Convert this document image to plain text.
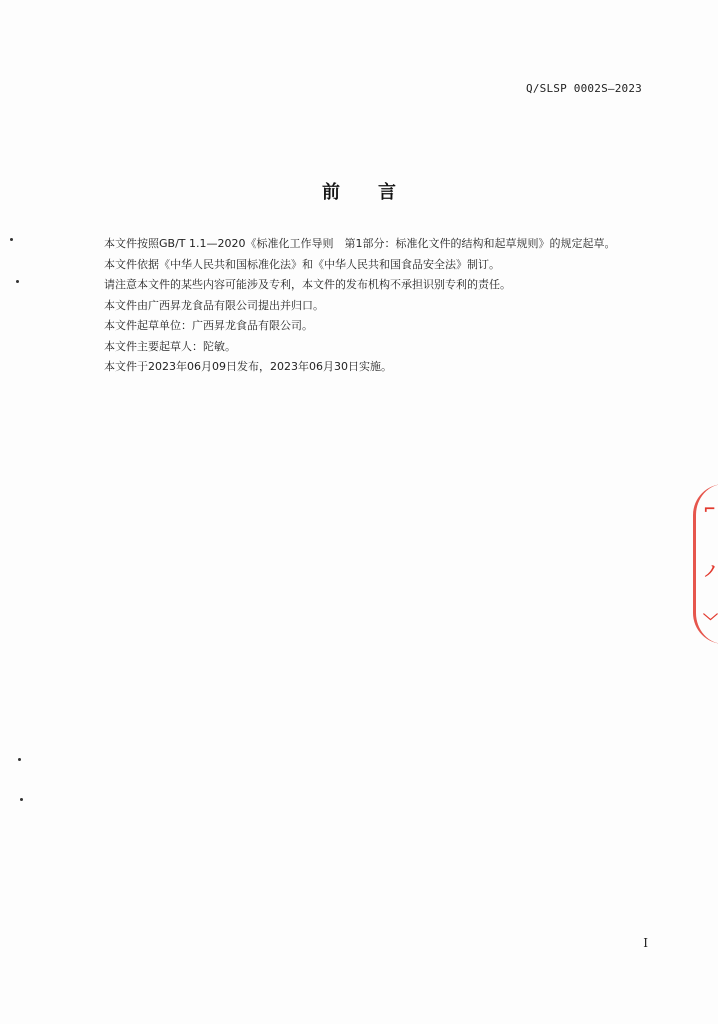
Q/SLSP 0002S—2023
前言

本文件按照GB/T 1.1—2020《标准化工作导则　第1部分：标准化文件的结构和起草规则》的规定起草。

本文件依据《中华人民共和国标准化法》和《中华人民共和国食品安全法》制订。

请注意本文件的某些内容可能涉及专利，本文件的发布机构不承担识别专利的责任。

本文件由广西昇龙食品有限公司提出并归口。

本文件起草单位：广西昇龙食品有限公司。

本文件主要起草人：陀敏。

本文件于2023年06月09日发布，2023年06月30日实施。

⌐
ノ
﹀
I
